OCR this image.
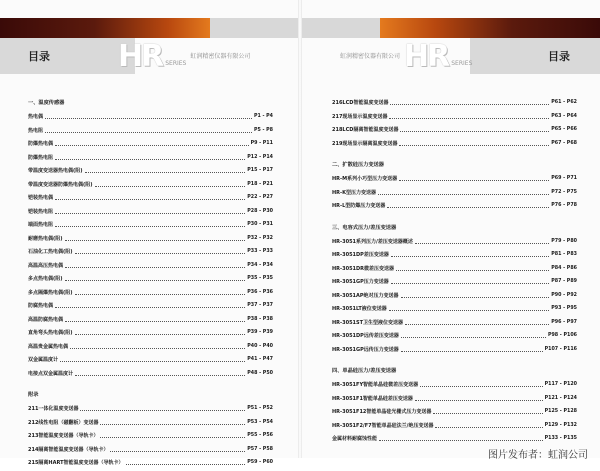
目录 HR SERIES
虹润精密仪器有限公司
一、温度传感器
热电偶	P1 - P4
热电阻	P5 - P8
防爆热电偶	P9 - P11
防爆热电阻	P12 - P14
带温度变送器热电偶(阻)	P15 - P17
带温度变送器防爆热电偶(阻)	P18 - P21
铠装热电偶	P22 - P27
铠装热电阻	P28 - P30
端面热电阻	P30 - P31
耐磨热电偶(阻)	P32 - P32
石油化工热电偶(阻)	P33 - P33
高温高压热电偶	P34 - P34
多点热电偶(阻)	P35 - P35
多点隔爆热电偶(阻)	P36 - P36
防腐热电偶	P37 - P37
高温防腐热电偶	P38 - P38
直角弯头热电偶(阻)	P39 - P39
高温贵金属热电偶	P40 - P40
双金属温度计	P41 - P47
电接点双金属温度计	P48 - P50
附录
211一体化温度变送器	P51 - P52
212线性电阻（磁翻板）变送器	P53 - P54
213智能温度变送器（导轨卡）	P55 - P56
214隔离智能温度变送器（导轨卡）	P57 - P58
215隔离HART智能温度变送器（导轨卡）	P59 - P60
目录
虹润精密仪器有限公司 HR SERIES
216LCD智能温度变送器	P61 - P62
217现场显示温度变送器	P63 - P64
218LCD隔离智能温度变送器	P65 - P66
219现场显示隔离温度变送器	P67 - P68
二、扩散硅压力变送器
HR-M系列小巧型压力变送器	P69 - P71
HR-K型压力变送器	P72 - P75
HR-L型防爆压力变送器	P76 - P78
三、电容式压力/差压变送器
HR-3051系列压力/差压变送器概述	P79 - P80
HR-3051DP差压变送器	P81 - P83
HR-3051DR微差压变送器	P84 - P86
HR-3051GP压力变送器	P87 - P89
HR-3051AP绝对压力变送器	P90 - P92
HR-3051LT液位变送器	P93 - P95
HR-3051ST卫生型液位变送器	P96 - P97
HR-3051DP远传差压变送器	P98 - P106
HR-3051GP远传压力变送器	P107 - P116
四、单晶硅压力/差压变送器
HR-3051FY智能单晶硅微差压变送器	P117 - P120
HR-3051F1智能单晶硅差压变送器	P121 - P124
HR-3051F12智能单晶硅光栅式压力变送器	P125 - P128
HR-3051F2/F7智能单晶硅法兰/绝压变送器	P129 - P132
金属材料耐腐蚀性能	P133 - P135
图片发布者：虹润公司
